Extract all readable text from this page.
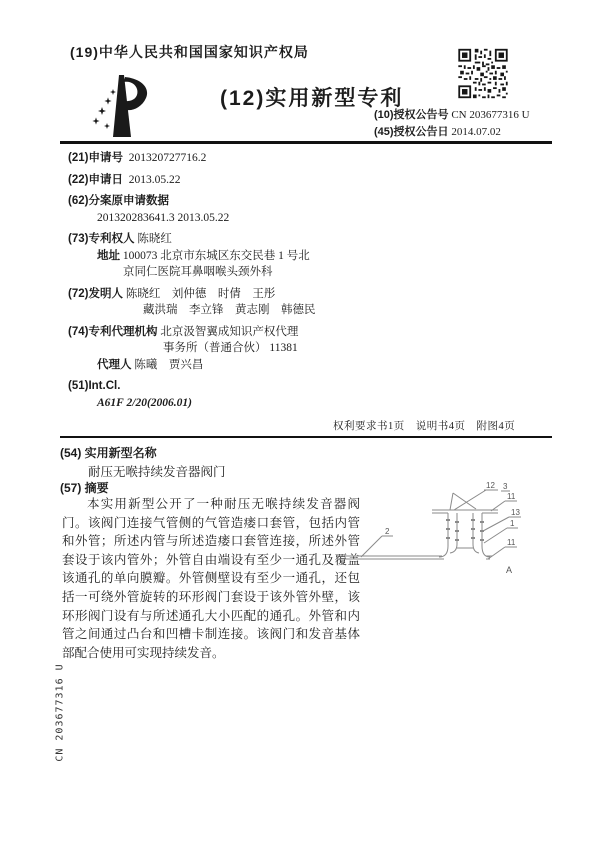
(19)中华人民共和国国家知识产权局
(12)实用新型专利
(10)授权公告号 CN 203677316 U
(45)授权公告日 2014.07.02
(21)申请号 201320727716.2
(22)申请日 2013.05.22
(62)分案原申请数据
201320283641.3 2013.05.22
(73)专利权人 陈晓红
地址 100073 北京市东城区东交民巷 1 号北
京同仁医院耳鼻咽喉头颈外科
(72)发明人 陈晓红　刘仲德　时倩　王彤
藏洪瑞　李立锋　黄志刚　韩德民
(74)专利代理机构 北京汲智翼成知识产权代理
事务所（普通合伙） 11381
代理人 陈曦　贾兴昌
(51)Int.Cl.
A61F 2/20(2006.01)
权利要求书1页　说明书4页　附图4页
(54) 实用新型名称
耐压无喉持续发音器阀门
(57) 摘要
本实用新型公开了一种耐压无喉持续发音器阀门。该阀门连接气管侧的气管造瘘口套管，包括内管和外管；所述内管与所述造瘘口套管连接，所述外管套设于该内管外；外管自由端设有至少一通孔及覆盖该通孔的单向膜瓣。外管侧壁设有至少一通孔，还包括一可绕外管旋转的环形阀门套设于该外管外壁，该环形阀门设有与所述通孔大小匹配的通孔。外管和内管之间通过凸台和凹槽卡制连接。该阀门和发音基体部配合使用可实现持续发音。
2
12 3
11
13
1
11
A
CN 203677316 U
